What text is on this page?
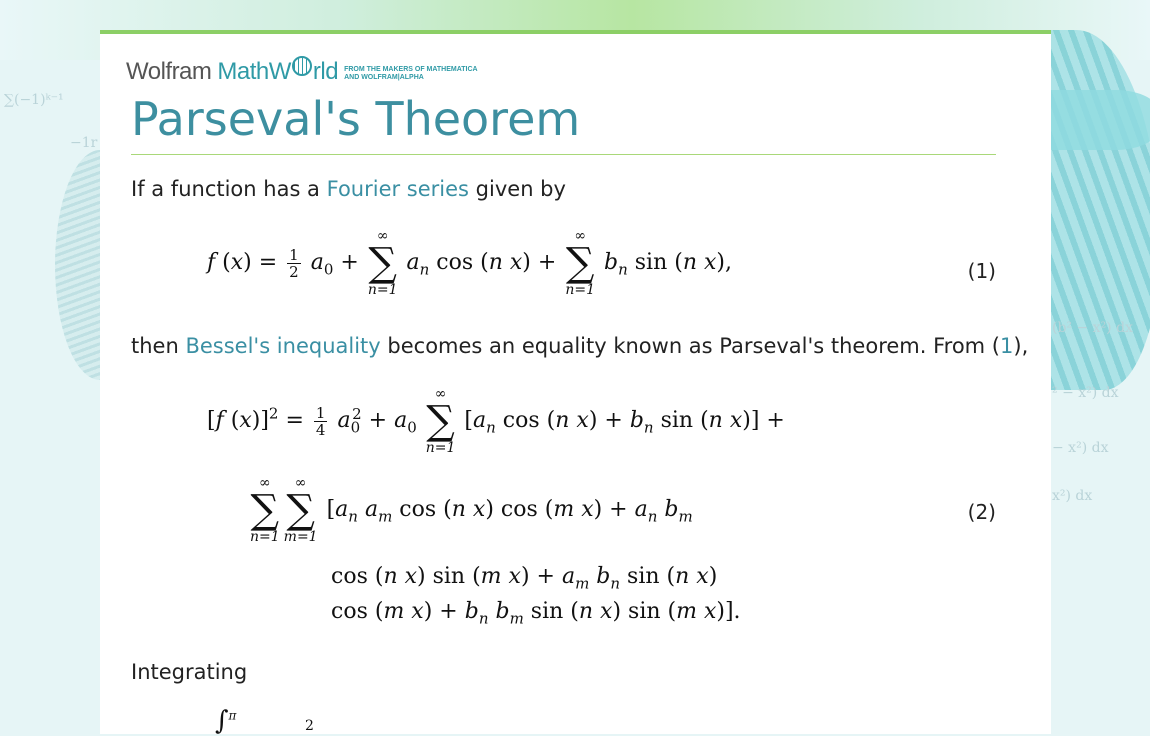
∑(−1)ᵏ⁻¹
−1r
(b² − x²) dx
² − x²) dx
− x²) dx
x²) dx
Wolfram MathW rld FROM THE MAKERS OF MATHEMATICA
AND WOLFRAM|ALPHA
Parseval's Theorem

If a function has a Fourier series given by

f $(x) = \frac{1}{2} a_0$ +
∞
∑
n=1
$a_n$ cos (n x) +
∞
∑
n=1
$b_n$ sin (n x),	(1)

then Bessel's inequality becomes an equality known as Parseval's theorem. From (1),

[f $(x)]^2 = \frac{1}{4} a_0^2 + a_0$
∞
∑
n=1
[$a_n$ cos (n $x) + b_n$ sin (n x)] +
∞
∑
n=1
∞
∑
m=1
[$a_n$ $a_m$ cos (n x) cos (m $x) + a_n$ $b_m$	(2)
cos (n x) sin (m $x) + a_m$ $b_n$ sin (n x)
cos (m $x) + b_n$ $b_m$ sin (n x) sin (m x)].

Integrating

∫$^\pi$
2
